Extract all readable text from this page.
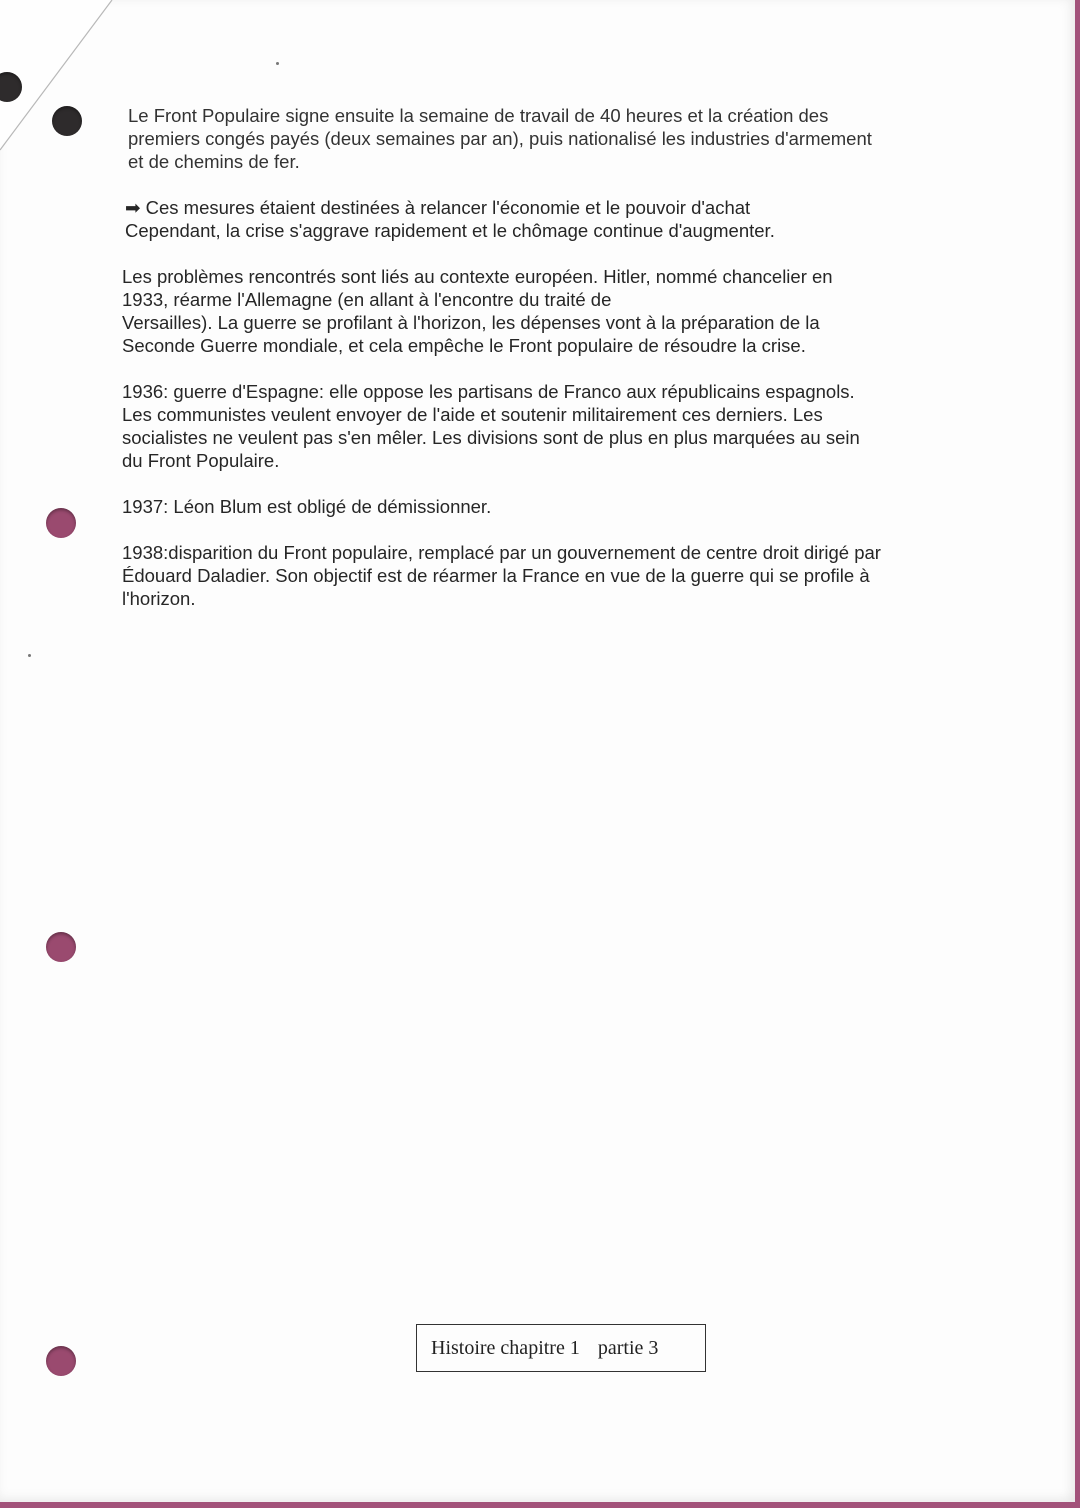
Le Front Populaire signe ensuite la semaine de travail de 40 heures et la création des
premiers congés payés (deux semaines par an), puis nationalisé les industries d'armement
et de chemins de fer.

➡ Ces mesures étaient destinées à relancer l'économie et le pouvoir d'achat
Cependant, la crise s'aggrave rapidement et le chômage continue d'augmenter.

Les problèmes rencontrés sont liés au contexte européen. Hitler, nommé chancelier en
1933, réarme l'Allemagne (en allant à l'encontre du traité de
Versailles). La guerre se profilant à l'horizon, les dépenses vont à la préparation de la
Seconde Guerre mondiale, et cela empêche le Front populaire de résoudre la crise.

1936: guerre d'Espagne: elle oppose les partisans de Franco aux républicains espagnols.
Les communistes veulent envoyer de l'aide et soutenir militairement ces derniers. Les
socialistes ne veulent pas s'en mêler. Les divisions sont de plus en plus marquées au sein
du Front Populaire.

1937: Léon Blum est obligé de démissionner.

1938:disparition du Front populaire, remplacé par un gouvernement de centre droit dirigé par
Édouard Daladier. Son objectif est de réarmer la France en vue de la guerre qui se profile à
l'horizon.

Histoire chapitre 1 partie 3
